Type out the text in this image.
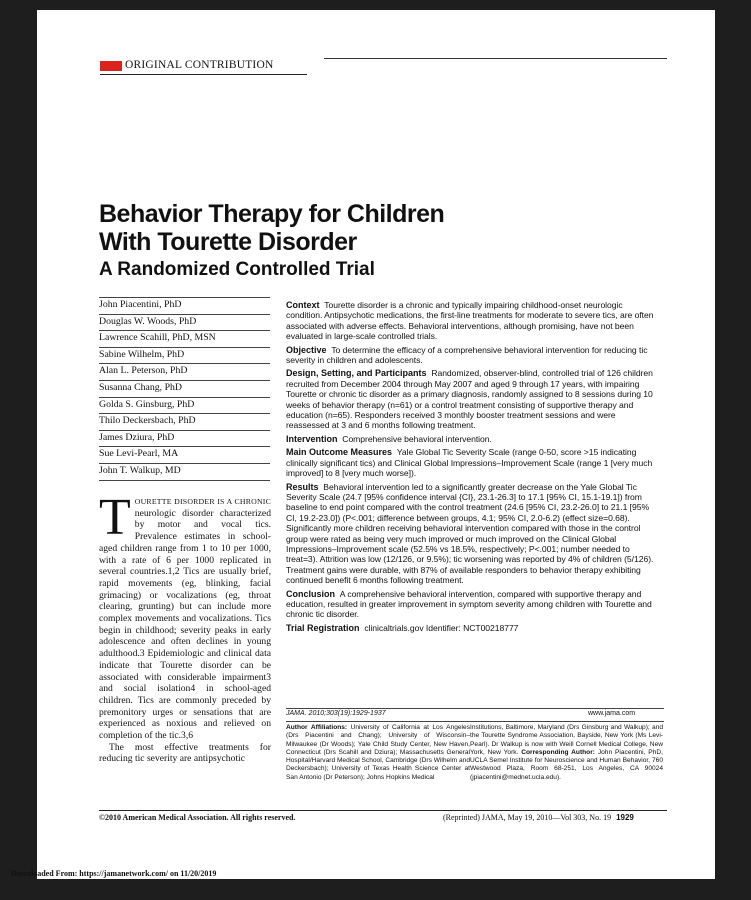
ORIGINAL CONTRIBUTION
Behavior Therapy for Children
With Tourette Disorder
A Randomized Controlled Trial
John Piacentini, PhD
Douglas W. Woods, PhD
Lawrence Scahill, PhD, MSN
Sabine Wilhelm, PhD
Alan L. Peterson, PhD
Susanna Chang, PhD
Golda S. Ginsburg, PhD
Thilo Deckersbach, PhD
James Dziura, PhD
Sue Levi-Pearl, MA
John T. Walkup, MD

TOURETTE DISORDER IS A CHRONIC neurologic disorder characterized by motor and vocal tics. Prevalence estimates in school-aged children range from 1 to 10 per 1000, with a rate of 6 per 1000 replicated in several countries.1,2 Tics are usually brief, rapid movements (eg, blinking, facial grimacing) or vocalizations (eg, throat clearing, grunting) but can include more complex movements and vocalizations. Tics begin in childhood; severity peaks in early adolescence and often declines in young adulthood.3 Epidemiologic and clinical data indicate that Tourette disorder can be associated with considerable impairment3 and social isolation4 in school-aged children. Tics are commonly preceded by premonitory urges or sensations that are experienced as noxious and relieved on completion of the tic.3,6

The most effective treatments for reducing tic severity are antipsychotic

Context Tourette disorder is a chronic and typically impairing childhood-onset neurologic condition. Antipsychotic medications, the first-line treatments for moderate to severe tics, are often associated with adverse effects. Behavioral interventions, although promising, have not been evaluated in large-scale controlled trials.

Objective To determine the efficacy of a comprehensive behavioral intervention for reducing tic severity in children and adolescents.

Design, Setting, and Participants Randomized, observer-blind, controlled trial of 126 children recruited from December 2004 through May 2007 and aged 9 through 17 years, with impairing Tourette or chronic tic disorder as a primary diagnosis, randomly assigned to 8 sessions during 10 weeks of behavior therapy (n=61) or a control treatment consisting of supportive therapy and education (n=65). Responders received 3 monthly booster treatment sessions and were reassessed at 3 and 6 months following treatment.

Intervention Comprehensive behavioral intervention.

Main Outcome Measures Yale Global Tic Severity Scale (range 0-50, score >15 indicating clinically significant tics) and Clinical Global Impressions–Improvement Scale (range 1 [very much improved] to 8 [very much worse]).

Results Behavioral intervention led to a significantly greater decrease on the Yale Global Tic Severity Scale (24.7 [95% confidence interval {CI}, 23.1-26.3] to 17.1 [95% CI, 15.1-19.1]) from baseline to end point compared with the control treatment (24.6 [95% CI, 23.2-26.0] to 21.1 [95% CI, 19.2-23.0]) (P<.001; difference between groups, 4.1; 95% CI, 2.0-6.2) (effect size=0.68). Significantly more children receiving behavioral intervention compared with those in the control group were rated as being very much improved or much improved on the Clinical Global Impressions–Improvement scale (52.5% vs 18.5%, respectively; P<.001; number needed to treat=3). Attrition was low (12/126, or 9.5%); tic worsening was reported by 4% of children (5/126). Treatment gains were durable, with 87% of available responders to behavior therapy exhibiting continued benefit 6 months following treatment.

Conclusion A comprehensive behavioral intervention, compared with supportive therapy and education, resulted in greater improvement in symptom severity among children with Tourette and chronic tic disorder.

Trial Registration clinicaltrials.gov Identifier: NCT00218777

JAMA. 2010;303(19):1929-1937	www.jama.com
Author Affiliations: University of California at Los Angeles (Drs Piacentini and Chang); University of Wisconsin–Milwaukee (Dr Woods); Yale Child Study Center, New Haven, Connecticut (Drs Scahill and Dziura); Massachusetts General Hospital/Harvard Medical School, Cambridge (Drs Wilhelm and Deckersbach); University of Texas Health Science Center at San Antonio (Dr Peterson); Johns Hopkins Medical
Institutions, Baltimore, Maryland (Drs Ginsburg and Walkup); and the Tourette Syndrome Association, Bayside, New York (Ms Levi-Pearl). Dr Walkup is now with Weill Cornell Medical College, New York, New York. Corresponding Author: John Piacentini, PhD, UCLA Semel Institute for Neuroscience and Human Behavior, 760 Westwood Plaza, Room 68-251, Los Angeles, CA 90024 (jpiacentini@mednet.ucla.edu).
©2010 American Medical Association. All rights reserved.	(Reprinted) JAMA, May 19, 2010—Vol 303, No. 19 1929
Downloaded From: https://jamanetwork.com/ on 11/20/2019
